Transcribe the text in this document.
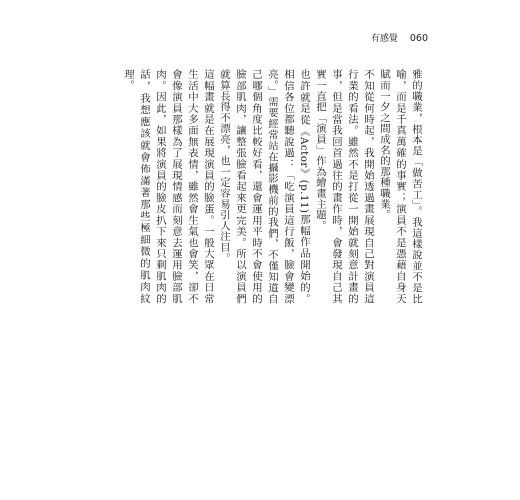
有感覺 060

雅的職業，根本是「做苦工」。我這樣說並不是比喻，而是千真萬確的事實；演員不是憑藉自身天賦而一夕之間成名的那種職業。

不知從何時起，我開始透過畫展現自己對演員這行業的看法。雖然不是打從一開始就刻意計畫的事，但是當我回首過往的畫作時，會發現自己其實一直把「演員」作為繪畫主題。

也許就是從《Actor》(p.11)那幅作品開始的。相信各位都聽說過：「吃演員這行飯，臉會變漂亮。」需要經常站在攝影機前的我們，不僅知道自己哪個角度比較好看，還會運用平時不會使用的臉部肌肉，讓整張臉看起來更完美。所以演員們就算長得不漂亮，也一定容易引人注目。

這幅畫就是在展現演員的臉蛋。一般大眾在日常生活中大多面無表情，雖然會生氣也會笑，卻不會像演員那樣為了展現情感而刻意去運用臉部肌肉。因此，如果將演員的臉皮扒下來只剩肌肉的話，我想應該就會佈滿著那些極細微的肌肉紋理。
